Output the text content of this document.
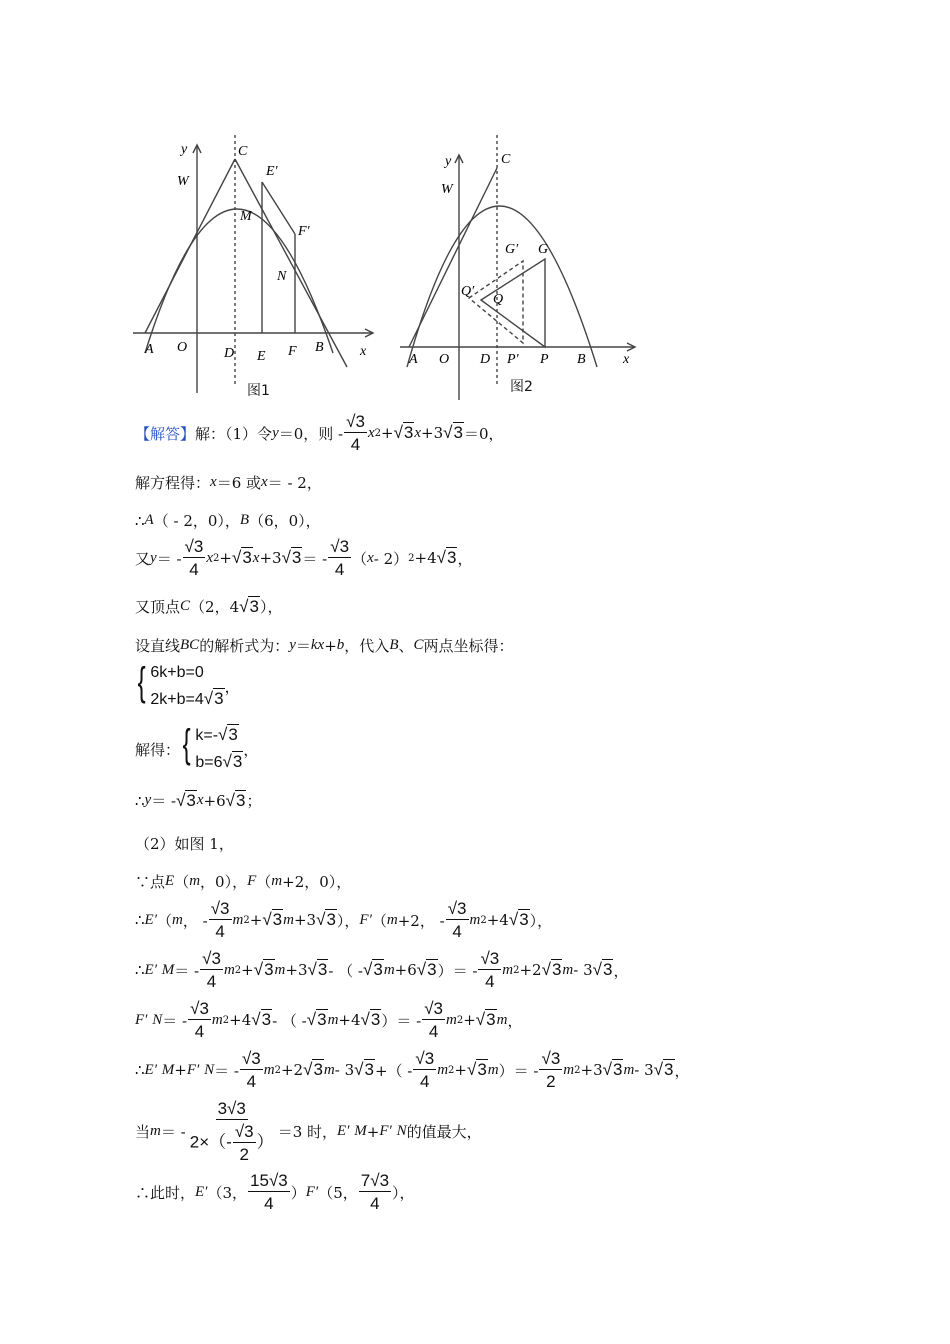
y	C
W
E′
M
F′
N
A O	D E F B	x
图1
y	C
W
G′ G
Q′
Q
A O D P′ P B	x
图2
【解答】 解：（1）令 y ＝0，则 - $\frac{√3}{4}$ x 2 + √3 x +3 √3 ＝0，
解方程得： x ＝6 或 x ＝ - 2，
∴ A （ - 2，0）， B （6，0），
又 y ＝ - $\frac{√3}{4}$ x 2 + √3 x +3 √3 ＝ - $\frac{√3}{4}$ （ x - 2） 2 +4 √3 ，
又顶点 C （2，4 √3 ），
设直线 BC 的解析式为： y ＝ kx + b ，代入 B 、 C 两点坐标得：
{ 6k+b=0
2k+b=4√3
，
解得： { k=-√3
b=6√3
，
∴ y ＝ - √3 x +6 √3 ；
（2）如图 1，
∵点 E （ m ，0）， F （ m +2，0），
∴ E′ （ m ， - $\frac{√3}{4}$ m 2 + √3 m +3 √3 ）， F′ （ m +2， - $\frac{√3}{4}$ m 2 +4 √3 ），
∴ E′
M ＝ - $\frac{√3}{4}$ m 2 + √3 m +3 √3 - （ - √3 m +6 √3 ）＝ - $\frac{√3}{4}$ m 2 +2 √3 m - 3 √3 ，
F′
N ＝ - $\frac{√3}{4}$ m 2 +4 √3 - （ - √3 m +4 √3 ）＝ - $\frac{√3}{4}$ m 2 + √3 m ，
∴ E′
M + F′
N ＝ - $\frac{√3}{4}$ m 2 +2 √3 m - 3 √3 +（ - $\frac{√3}{4}$ m 2 + √3 m ）＝ - $\frac{√3}{2}$ m 2 +3 √3 m - 3 √3 ，
当 m ＝ - $\frac{3√3}{2\times(- \frac{√3}{2} )} =3$ 时， E′
M + F′
N 的值最大，
∴此时， E′ （3， $\frac{15√3}{4}$ ） F′ （5， $\frac{7√3}{4}$ ），
